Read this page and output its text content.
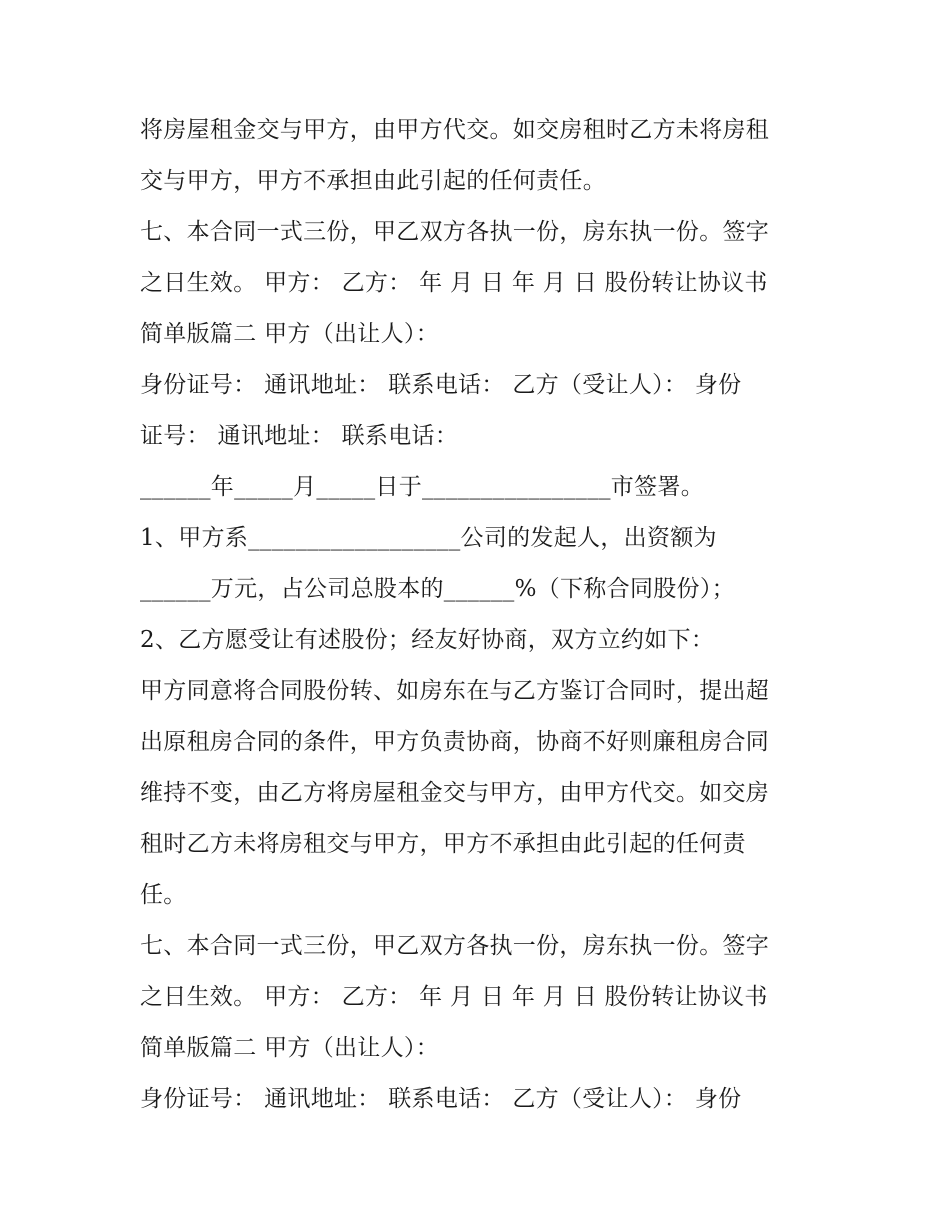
将房屋租金交与甲方，由甲方代交。如交房租时乙方未将房租
交与甲方，甲方不承担由此引起的任何责任。
七、本合同一式三份，甲乙双方各执一份，房东执一份。签字
之日生效。 甲方： 乙方： 年 月 日 年 月 日 股份转让协议书
简单版篇二 甲方（出让人）：
身份证号： 通讯地址： 联系电话： 乙方（受让人）： 身份
证号： 通讯地址： 联系电话：
______年_____月_____日于________________市签署。
1、甲方系__________________公司的发起人，出资额为
______万元，占公司总股本的______%（下称合同股份）；
2、乙方愿受让有述股份；经友好协商，双方立约如下：
甲方同意将合同股份转、如房东在与乙方鉴订合同时，提出超
出原租房合同的条件，甲方负责协商，协商不好则廉租房合同
维持不变，由乙方将房屋租金交与甲方，由甲方代交。如交房
租时乙方未将房租交与甲方，甲方不承担由此引起的任何责
任。
七、本合同一式三份，甲乙双方各执一份，房东执一份。签字
之日生效。 甲方： 乙方： 年 月 日 年 月 日 股份转让协议书
简单版篇二 甲方（出让人）：
身份证号： 通讯地址： 联系电话： 乙方（受让人）： 身份
